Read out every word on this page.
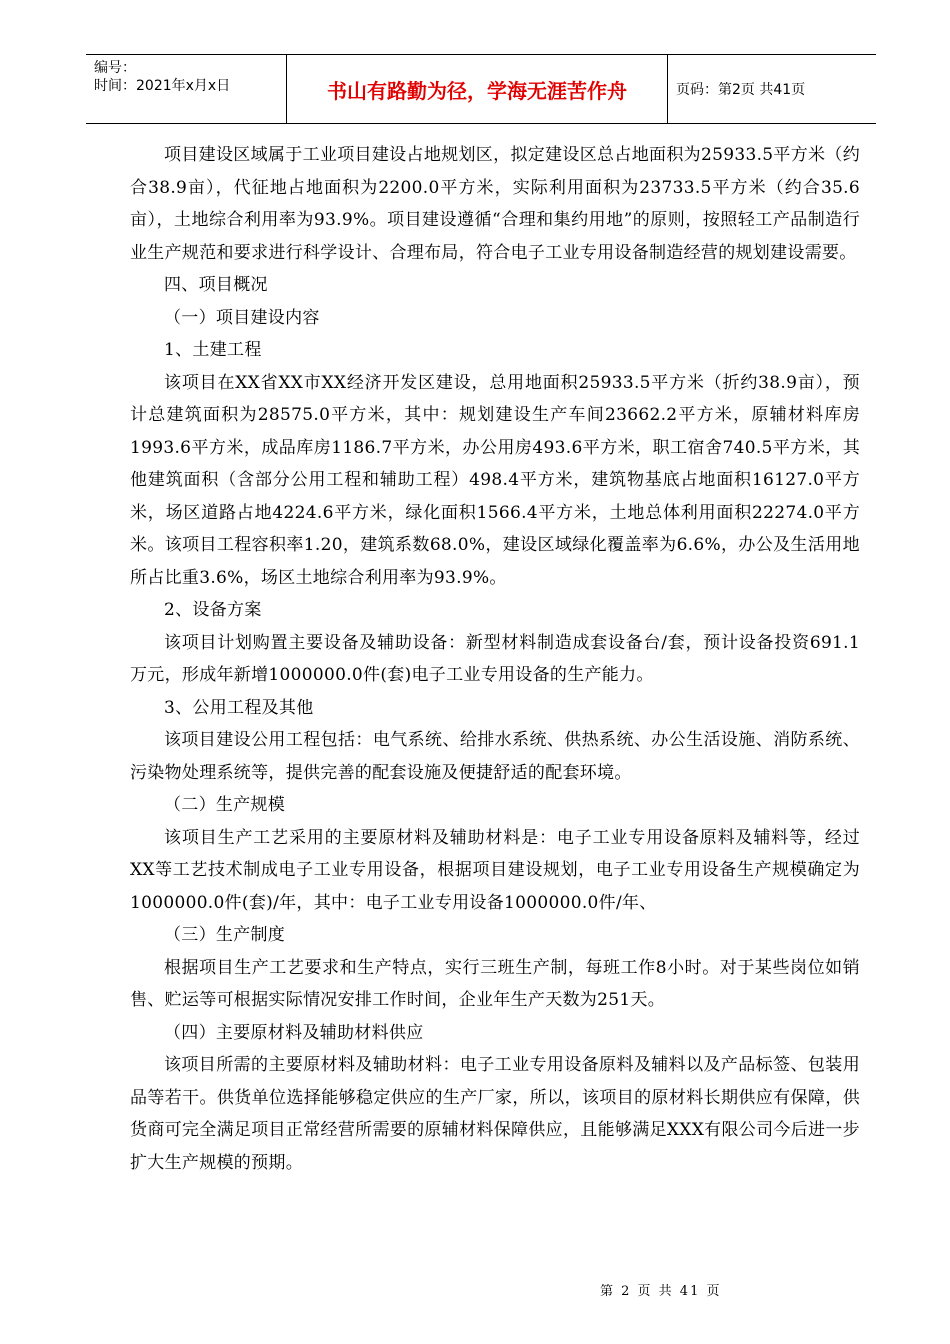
编号：
时间：2021年x月x日	书山有路勤为径，学海无涯苦作舟	页码：第2页 共41页

项目建设区域属于工业项目建设占地规划区，拟定建设区总占地面积为25933.5平方米（约合38.9亩），代征地占地面积为2200.0平方米，实际利用面积为23733.5平方米（约合35.6亩），土地综合利用率为93.9%。项目建设遵循“合理和集约用地”的原则，按照轻工产品制造行业生产规范和要求进行科学设计、合理布局，符合电子工业专用设备制造经营的规划建设需要。

四、项目概况

（一）项目建设内容

1、土建工程

该项目在XX省XX市XX经济开发区建设，总用地面积25933.5平方米（折约38.9亩），预计总建筑面积为28575.0平方米，其中：规划建设生产车间23662.2平方米，原辅材料库房1993.6平方米，成品库房1186.7平方米，办公用房493.6平方米，职工宿舍740.5平方米，其他建筑面积（含部分公用工程和辅助工程）498.4平方米，建筑物基底占地面积16127.0平方米，场区道路占地4224.6平方米，绿化面积1566.4平方米，土地总体利用面积22274.0平方米。该项目工程容积率1.20，建筑系数68.0%，建设区域绿化覆盖率为6.6%，办公及生活用地所占比重3.6%，场区土地综合利用率为93.9%。

2、设备方案

该项目计划购置主要设备及辅助设备：新型材料制造成套设备台/套，预计设备投资691.1万元，形成年新增1000000.0件(套)电子工业专用设备的生产能力。

3、公用工程及其他

该项目建设公用工程包括：电气系统、给排水系统、供热系统、办公生活设施、消防系统、污染物处理系统等，提供完善的配套设施及便捷舒适的配套环境。

（二）生产规模

该项目生产工艺采用的主要原材料及辅助材料是：电子工业专用设备原料及辅料等，经过XX等工艺技术制成电子工业专用设备，根据项目建设规划，电子工业专用设备生产规模确定为1000000.0件(套)/年，其中：电子工业专用设备1000000.0件/年、

（三）生产制度

根据项目生产工艺要求和生产特点，实行三班生产制，每班工作8小时。对于某些岗位如销售、贮运等可根据实际情况安排工作时间，企业年生产天数为251天。

（四）主要原材料及辅助材料供应

该项目所需的主要原材料及辅助材料：电子工业专用设备原料及辅料以及产品标签、包装用品等若干。供货单位选择能够稳定供应的生产厂家，所以，该项目的原材料长期供应有保障，供货商可完全满足项目正常经营所需要的原辅材料保障供应，且能够满足XXX有限公司今后进一步扩大生产规模的预期。

第 2 页 共 41 页
